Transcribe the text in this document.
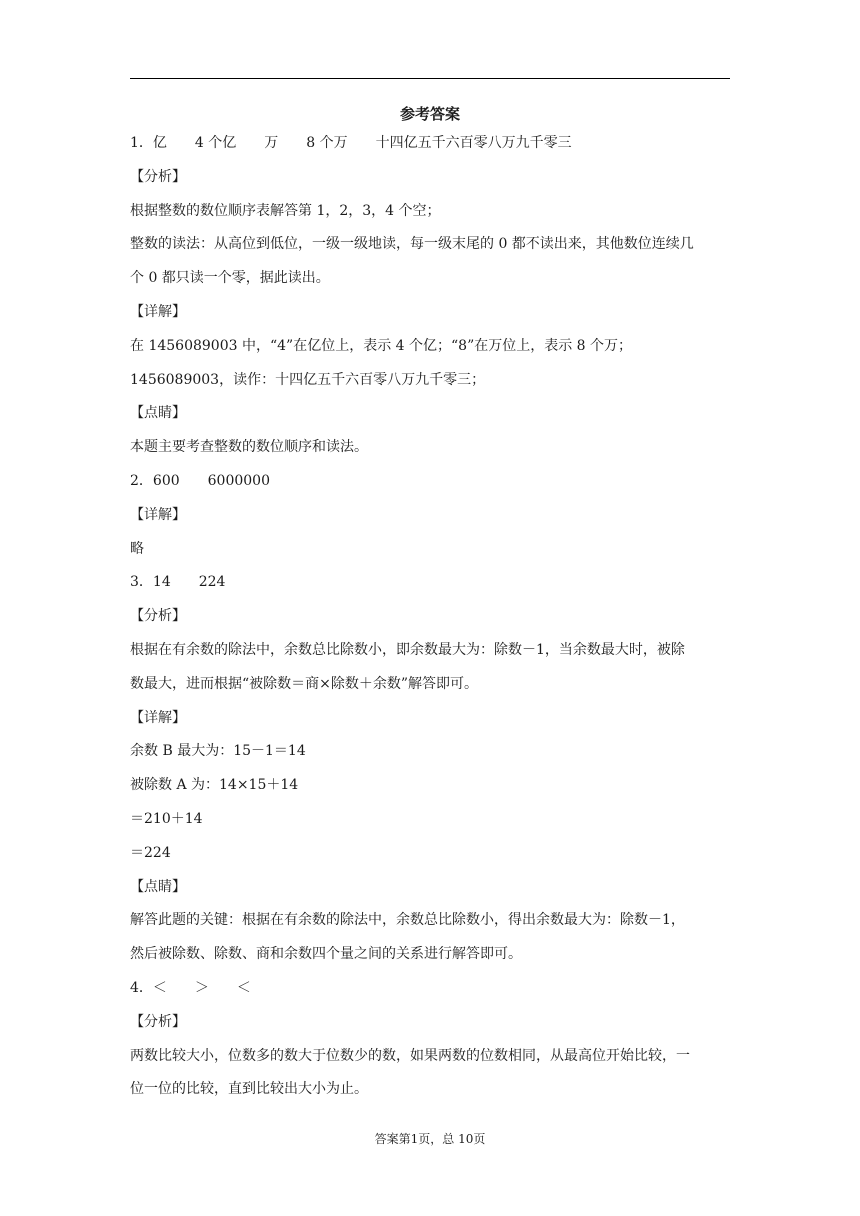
参考答案
1．亿　　4 个亿　　万　　8 个万　　十四亿五千六百零八万九千零三
【分析】
根据整数的数位顺序表解答第 1，2，3，4 个空；
整数的读法：从高位到低位，一级一级地读，每一级末尾的 0 都不读出来，其他数位连续几
个 0 都只读一个零，据此读出。
【详解】
在 1456089003 中，“4”在亿位上，表示 4 个亿；“8”在万位上，表示 8 个万；
1456089003，读作：十四亿五千六百零八万九千零三；
【点睛】
本题主要考查整数的数位顺序和读法。
2．600　　6000000
【详解】
略
3．14　　224
【分析】
根据在有余数的除法中，余数总比除数小，即余数最大为：除数－1，当余数最大时，被除
数最大，进而根据“被除数＝商×除数＋余数”解答即可。
【详解】
余数 B 最大为：15－1＝14
被除数 A 为：14×15＋14
＝210＋14
＝224
【点睛】
解答此题的关键：根据在有余数的除法中，余数总比除数小，得出余数最大为：除数－1，
然后被除数、除数、商和余数四个量之间的关系进行解答即可。
4．＜　　＞　　＜
【分析】
两数比较大小，位数多的数大于位数少的数，如果两数的位数相同，从最高位开始比较，一
位一位的比较，直到比较出大小为止。
答案第1页，总 10页
